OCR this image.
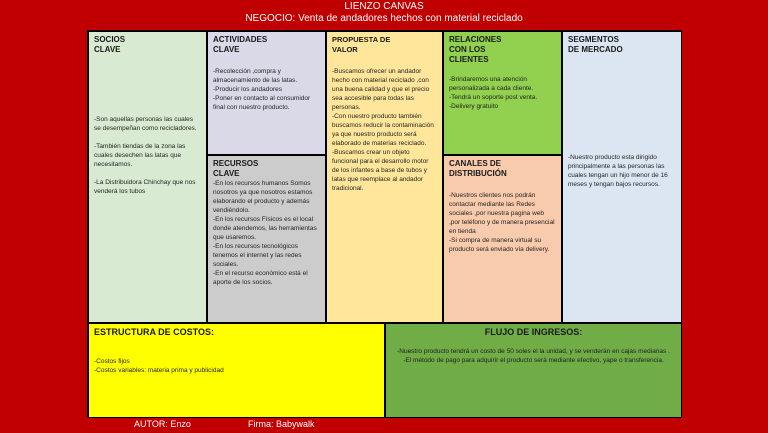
LIENZO CANVAS
NEGOCIO: Venta de andadores hechos con material reciclado
SOCIOS
CLAVE
-Son aquellas personas las cuales se desempeñan como recicladores.

-También tiendas de la zona las cuales desechen las latas que necesitamos.

-La Distribuidora Chinchay que nos venderá los tubos
ACTIVIDADES
CLAVE
-Recolección ,compra y almacenamiento de las latas.
-Producir los andadores
-Poner en contacto al consumidor final con nuestro producto.
RECURSOS
CLAVE
-En los recursos humanos Somos nosotros ya que nosotros estamos elaborando el producto y además vendiéndolo.
-En los recursos Físicos es el local donde atendemos, las herramientas que usaremos.
-En los recursos tecnológicos tenemos el internet y las redes sociales.
-En el recurso económico está el aporte de los socios.
PROPUESTA DE
VALOR
-Buscamos ofrecer un andador hecho con material reciclado ,con una buena calidad y que el precio sea accesible para todas las personas.
-Con nuestro producto también buscamos reducir la contaminación ya que nuestro producto será elaborado de materias reciclado.
-Buscamos crear un objeto funcional para el desarrollo motor de los infantes a base de tubos y latas que reemplace al andador tradicional.
RELACIONES
CON LOS
CLIENTES
-Brindaremos una atención personalizada a cada cliente.
-Tendrá un soporte post venta.
-Delivery gratuito
CANALES DE
DISTRIBUCIÓN
-Nuestros clientes nos podrán contactar mediante las Redes sociales ,por nuestra pagina web ,por teléfono y de manera presencial en tienda
-Si compra de manera virtual su producto será enviado vía delivery.
SEGMENTOS
DE MERCADO
-Nuestro producto esta dirigido principalmente a las personas las cuales tengan un hijo menor de 16 meses y tengan bajos recursos.
ESTRUCTURA DE COSTOS:
-Costos fijos
-Costos variables: materia prima y publicidad
FLUJO DE INGRESOS:
-Nuestro producto tendrá un costo de 50 soles el la unidad, y se venderán en cajas medianas .
-El método de pago para adquirir el producto será mediante efectivo, yape o transferencia.
AUTOR: Enzo	Firma: Babywalk
